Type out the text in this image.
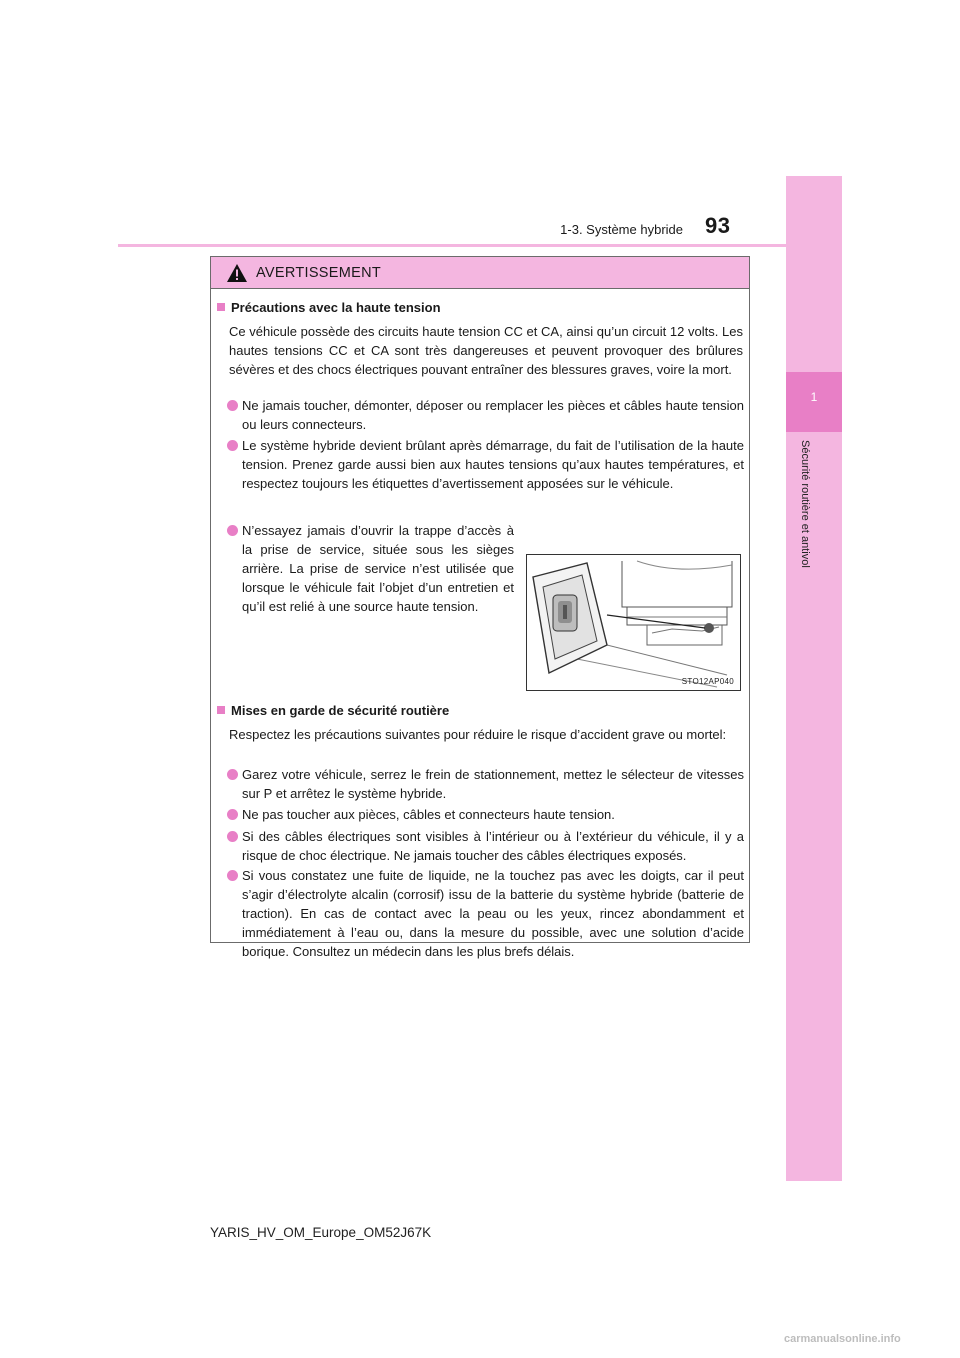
1-3. Système hybride 93
1
Sécurité routière et antivol
AVERTISSEMENT
Précautions avec la haute tension
Ce véhicule possède des circuits haute tension CC et CA, ainsi qu’un circuit 12 volts. Les hautes tensions CC et CA sont très dangereuses et peuvent provoquer des brûlures sévères et des chocs électriques pouvant entraîner des blessures graves, voire la mort.
Ne jamais toucher, démonter, déposer ou remplacer les pièces et câbles haute tension ou leurs connecteurs.
Le système hybride devient brûlant après démarrage, du fait de l’utilisation de la haute tension. Prenez garde aussi bien aux hautes tensions qu’aux hautes températures, et respectez toujours les étiquettes d’avertissement apposées sur le véhicule.
N’essayez jamais d’ouvrir la trappe d’accès à la prise de service, située sous les sièges arrière. La prise de service n’est utilisée que lorsque le véhicule fait l’objet d’un entretien et qu’il est relié à une source haute tension.
STO12AP040
Mises en garde de sécurité routière
Respectez les précautions suivantes pour réduire le risque d’accident grave ou mortel:
Garez votre véhicule, serrez le frein de stationnement, mettez le sélecteur de vitesses sur P et arrêtez le système hybride.
Ne pas toucher aux pièces, câbles et connecteurs haute tension.
Si des câbles électriques sont visibles à l’intérieur ou à l’extérieur du véhicule, il y a risque de choc électrique. Ne jamais toucher des câbles électriques exposés.
Si vous constatez une fuite de liquide, ne la touchez pas avec les doigts, car il peut s’agir d’électrolyte alcalin (corrosif) issu de la batterie du système hybride (batterie de traction). En cas de contact avec la peau ou les yeux, rincez abondamment et immédiatement à l’eau ou, dans la mesure du possible, avec une solution d’acide borique. Consultez un médecin dans les plus brefs délais.
YARIS_HV_OM_Europe_OM52J67K
carmanualsonline.info
